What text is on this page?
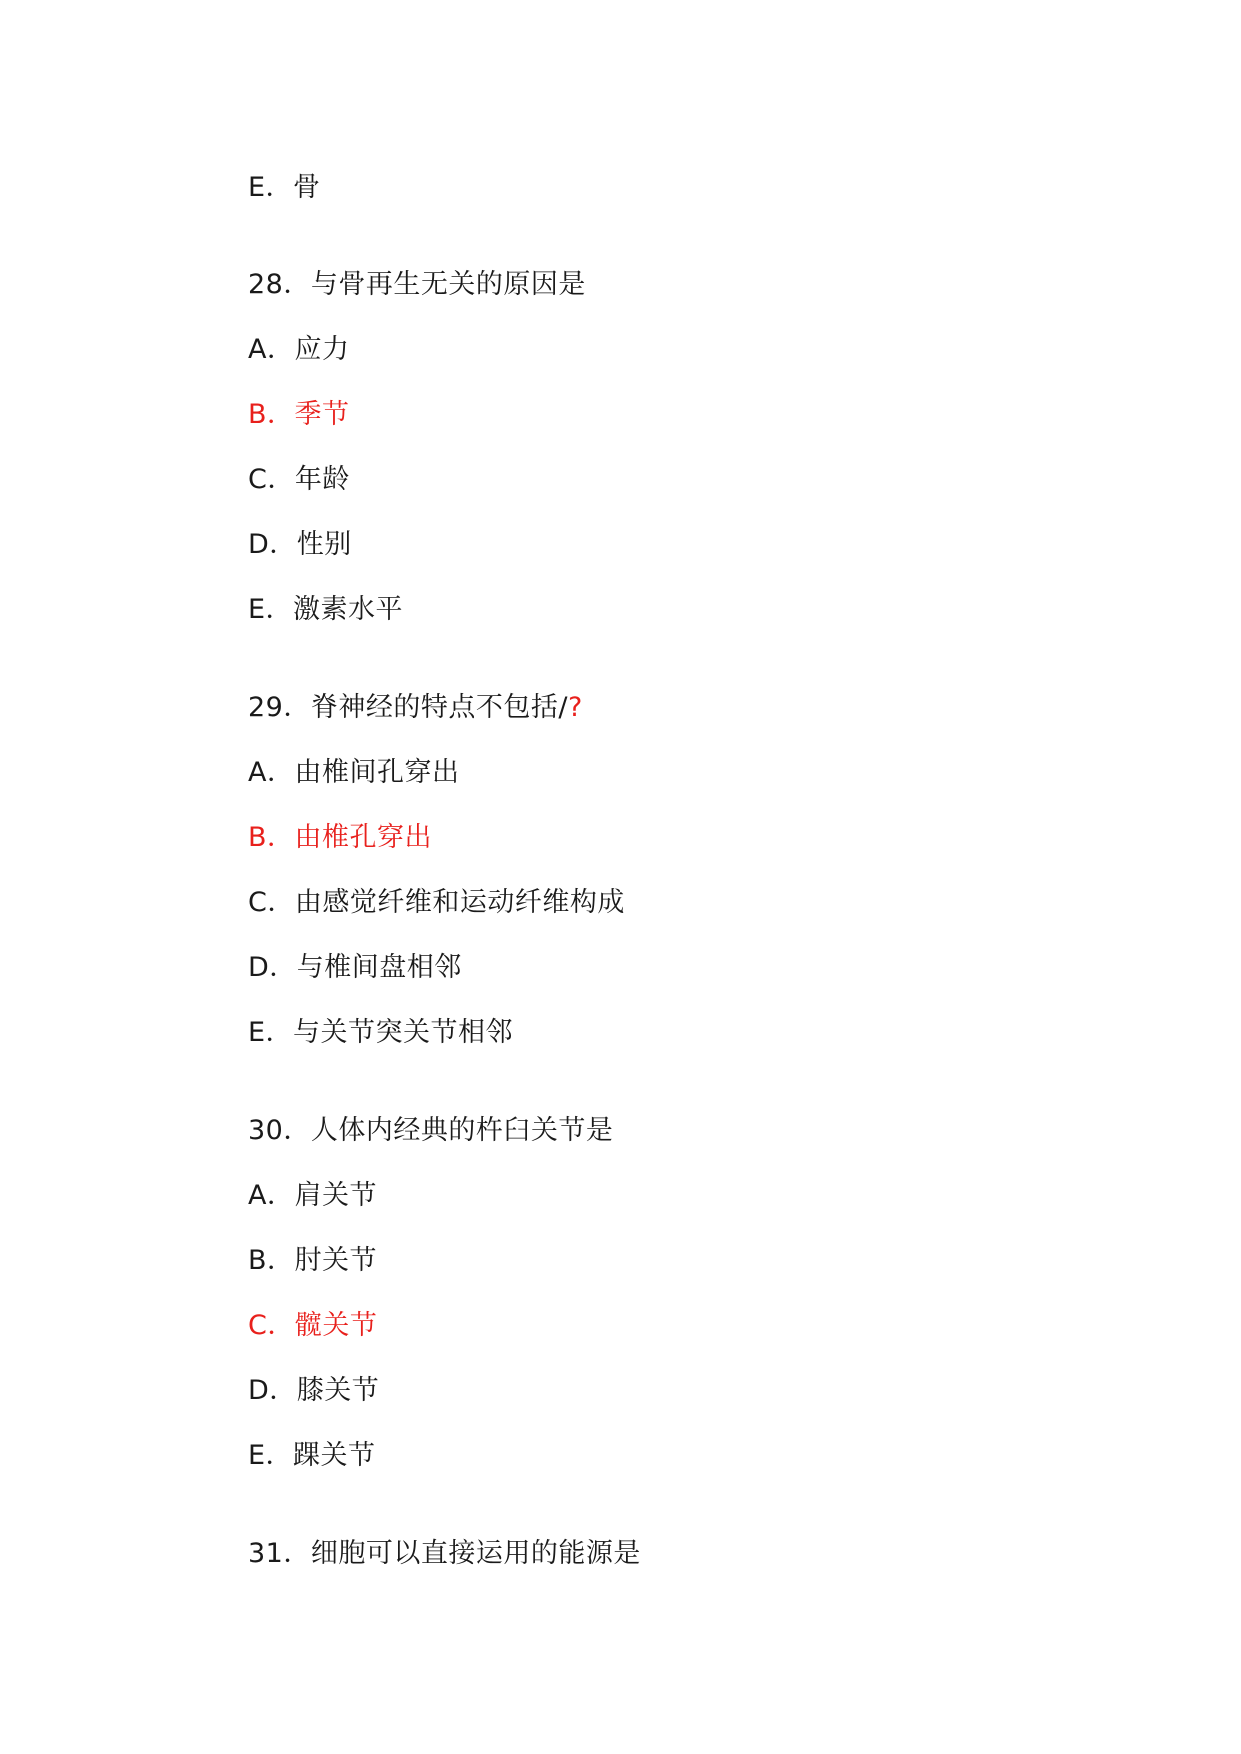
E．骨
28．与骨再生无关的原因是
A．应力
B．季节
C．年龄
D．性别
E．激素水平
29．脊神经的特点不包括/?
A．由椎间孔穿出
B．由椎孔穿出
C．由感觉纤维和运动纤维构成
D．与椎间盘相邻
E．与关节突关节相邻
30．人体内经典的杵臼关节是
A．肩关节
B．肘关节
C．髋关节
D．膝关节
E．踝关节
31．细胞可以直接运用的能源是
